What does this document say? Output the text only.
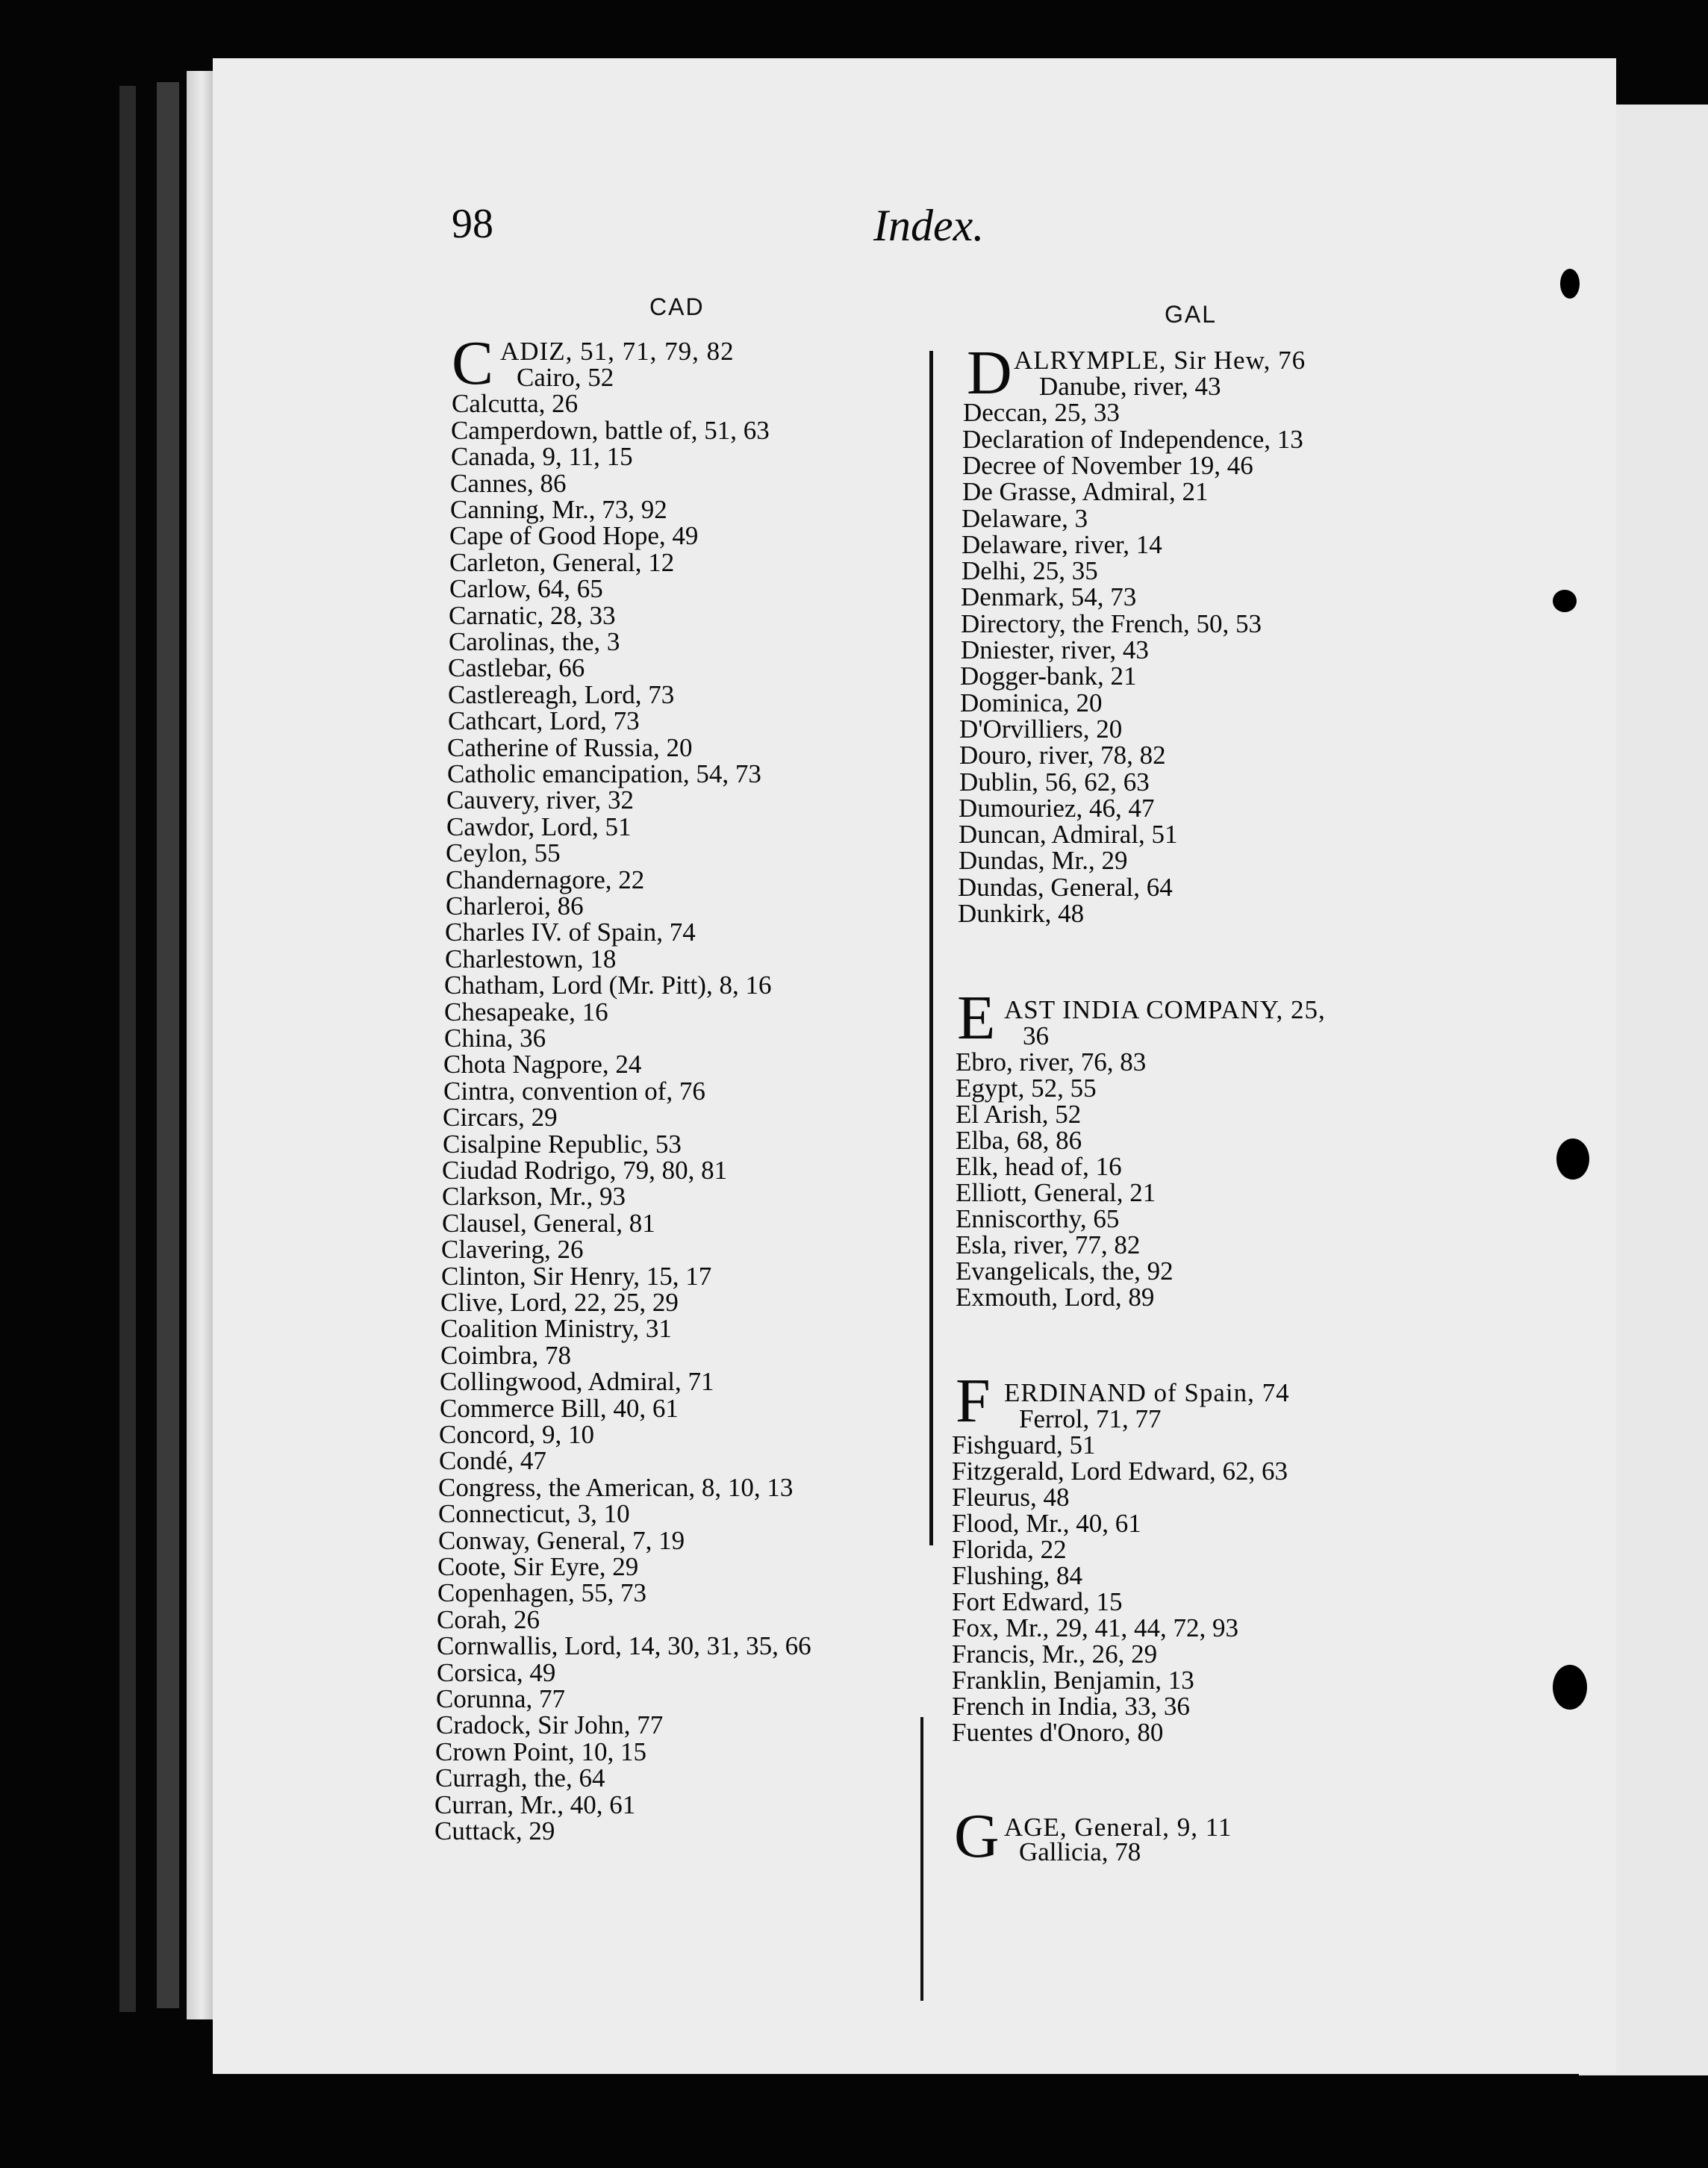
98	Index.
CAD	GAL
C ADIZ, 51, 71, 79, 82
Cairo, 52
Calcutta, 26
Camperdown, battle of, 51, 63
Canada, 9, 11, 15
Cannes, 86
Canning, Mr., 73, 92
Cape of Good Hope, 49
Carleton, General, 12
Carlow, 64, 65
Carnatic, 28, 33
Carolinas, the, 3
Castlebar, 66
Castlereagh, Lord, 73
Cathcart, Lord, 73
Catherine of Russia, 20
Catholic emancipation, 54, 73
Cauvery, river, 32
Cawdor, Lord, 51
Ceylon, 55
Chandernagore, 22
Charleroi, 86
Charles IV. of Spain, 74
Charlestown, 18
Chatham, Lord (Mr. Pitt), 8, 16
Chesapeake, 16
China, 36
Chota Nagpore, 24
Cintra, convention of, 76
Circars, 29
Cisalpine Republic, 53
Ciudad Rodrigo, 79, 80, 81
Clarkson, Mr., 93
Clausel, General, 81
Clavering, 26
Clinton, Sir Henry, 15, 17
Clive, Lord, 22, 25, 29
Coalition Ministry, 31
Coimbra, 78
Collingwood, Admiral, 71
Commerce Bill, 40, 61
Concord, 9, 10
Condé, 47
Congress, the American, 8, 10, 13
Connecticut, 3, 10
Conway, General, 7, 19
Coote, Sir Eyre, 29
Copenhagen, 55, 73
Corah, 26
Cornwallis, Lord, 14, 30, 31, 35, 66
Corsica, 49
Corunna, 77
Cradock, Sir John, 77
Crown Point, 10, 15
Curragh, the, 64
Curran, Mr., 40, 61
Cuttack, 29
D ALRYMPLE, Sir Hew, 76
Danube, river, 43
Deccan, 25, 33
Declaration of Independence, 13
Decree of November 19, 46
De Grasse, Admiral, 21
Delaware, 3
Delaware, river, 14
Delhi, 25, 35
Denmark, 54, 73
Directory, the French, 50, 53
Dniester, river, 43
Dogger-bank, 21
Dominica, 20
D'Orvilliers, 20
Douro, river, 78, 82
Dublin, 56, 62, 63
Dumouriez, 46, 47
Duncan, Admiral, 51
Dundas, Mr., 29
Dundas, General, 64
Dunkirk, 48
E AST INDIA COMPANY, 25,
36
Ebro, river, 76, 83
Egypt, 52, 55
El Arish, 52
Elba, 68, 86
Elk, head of, 16
Elliott, General, 21
Enniscorthy, 65
Esla, river, 77, 82
Evangelicals, the, 92
Exmouth, Lord, 89
F ERDINAND of Spain, 74
Ferrol, 71, 77
Fishguard, 51
Fitzgerald, Lord Edward, 62, 63
Fleurus, 48
Flood, Mr., 40, 61
Florida, 22
Flushing, 84
Fort Edward, 15
Fox, Mr., 29, 41, 44, 72, 93
Francis, Mr., 26, 29
Franklin, Benjamin, 13
French in India, 33, 36
Fuentes d'Onoro, 80
G AGE, General, 9, 11
Gallicia, 78
